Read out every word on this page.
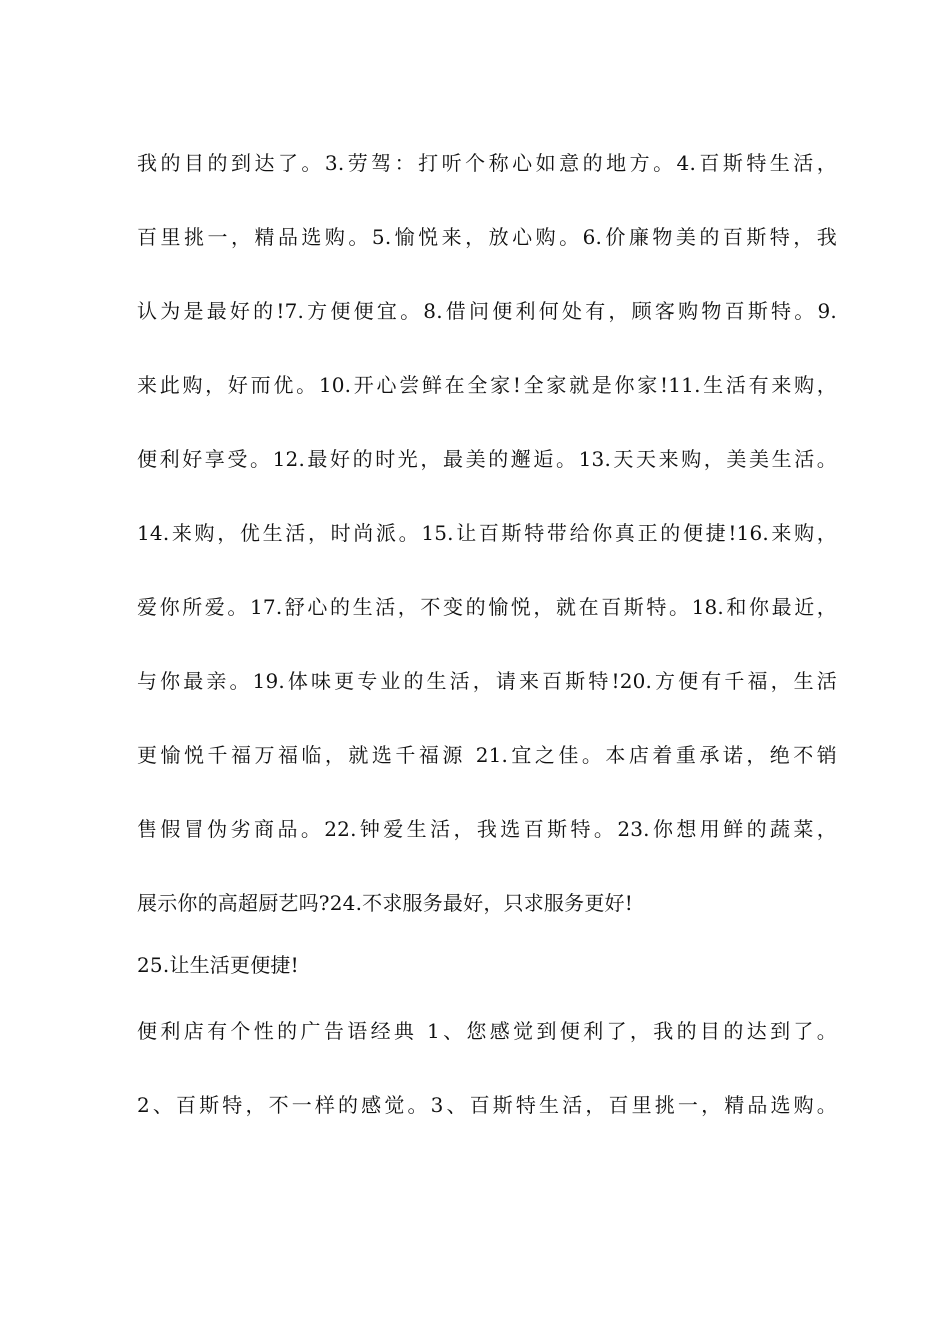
我的目的到达了。3.劳驾：打听个称心如意的地方。4.百斯特生活，
百里挑一，精品选购。5.愉悦来，放心购。6.价廉物美的百斯特，我
认为是最好的!7.方便便宜。8.借问便利何处有，顾客购物百斯特。9.
来此购，好而优。10.开心尝鲜在全家!全家就是你家!11.生活有来购，
便利好享受。12.最好的时光，最美的邂逅。13.天天来购，美美生活。
14.来购，优生活，时尚派。15.让百斯特带给你真正的便捷!16.来购，
爱你所爱。17.舒心的生活，不变的愉悦，就在百斯特。18.和你最近，
与你最亲。19.体味更专业的生活，请来百斯特!20.方便有千福，生活
更愉悦千福万福临，就选千福源 21.宜之佳。本店着重承诺，绝不销
售假冒伪劣商品。22.钟爱生活，我选百斯特。23.你想用鲜的蔬菜，
展示你的高超厨艺吗?24.不求服务最好，只求服务更好!
25.让生活更便捷!
便利店有个性的广告语经典 1、您感觉到便利了，我的目的达到了。
2、百斯特，不一样的感觉。3、百斯特生活，百里挑一，精品选购。
